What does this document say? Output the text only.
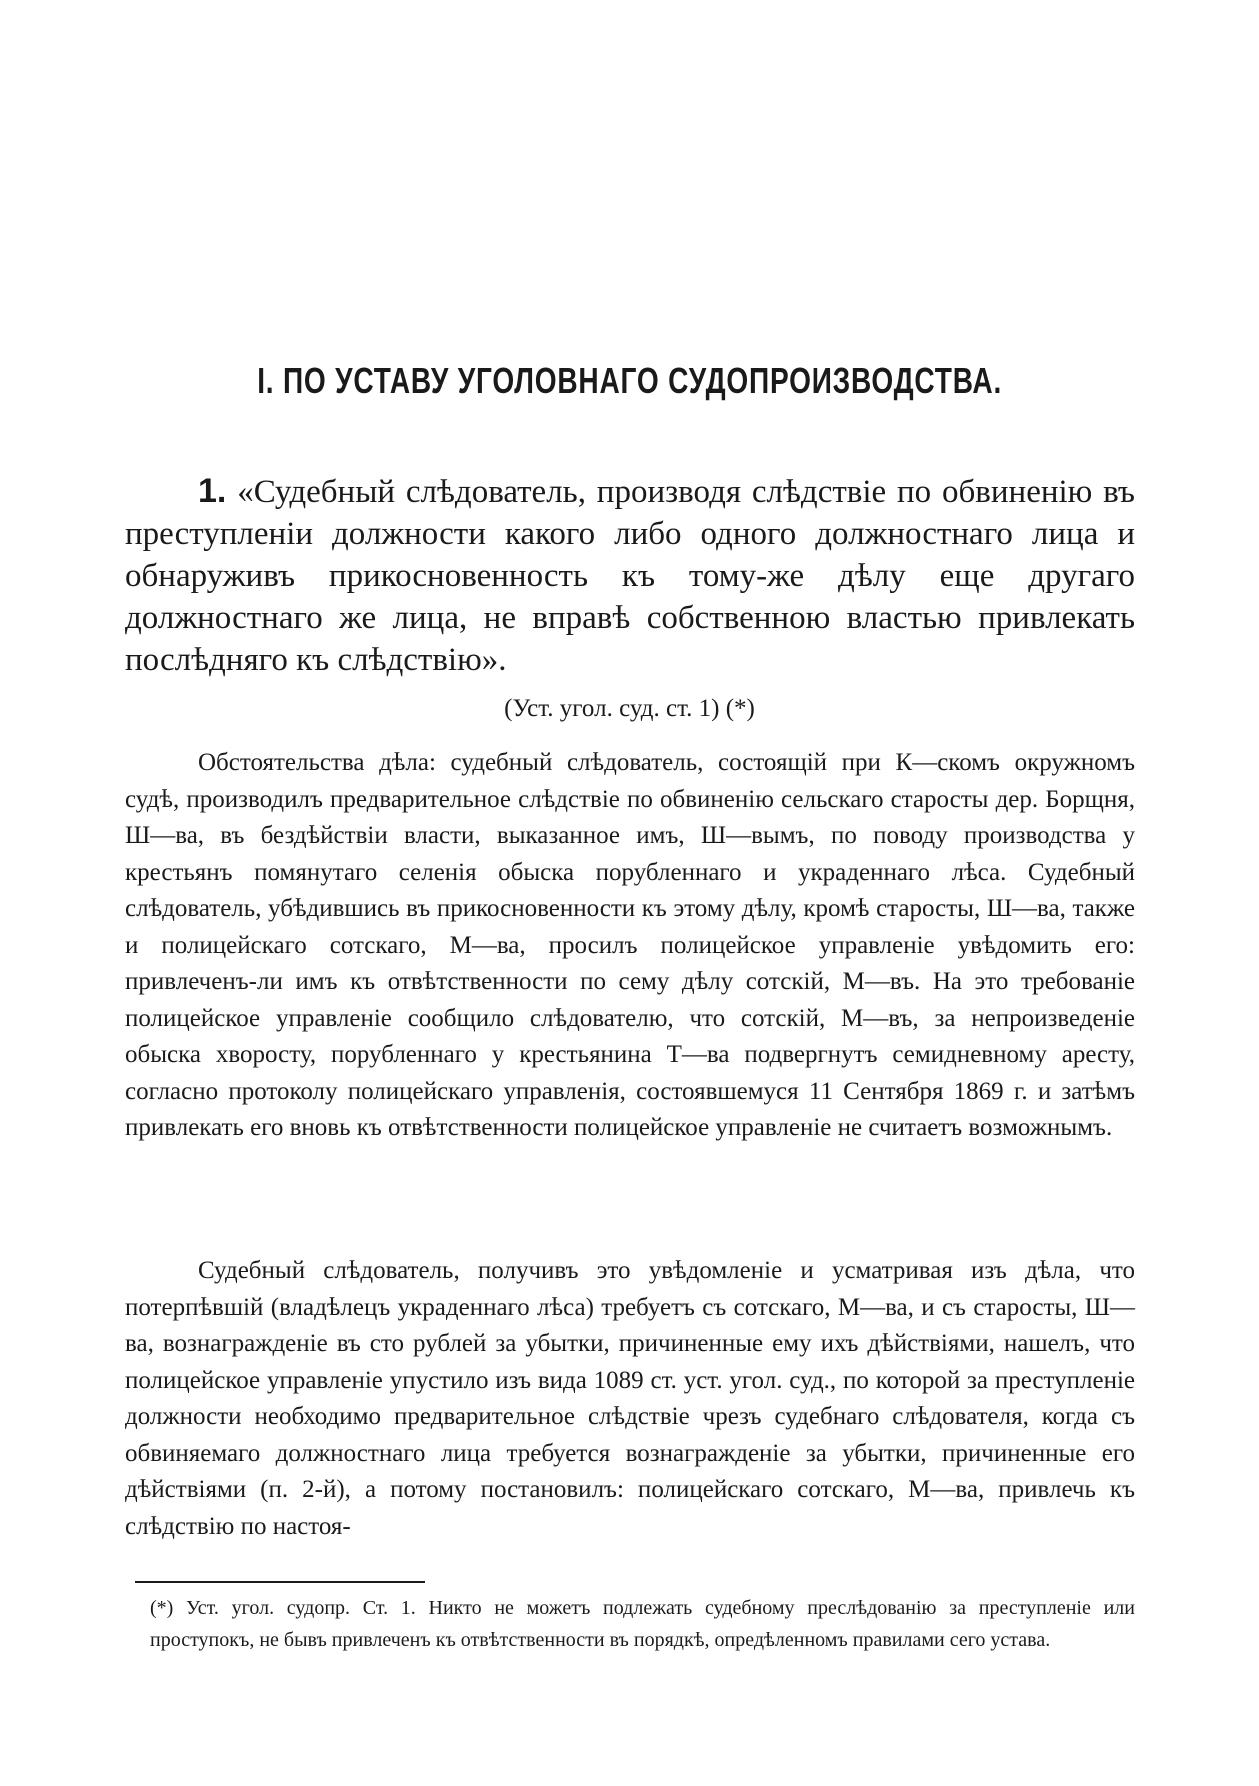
I. ПО УСТАВУ УГОЛОВНАГО СУДОПРОИЗВОДСТВА.

1. «Судебный слѣдователь, производя слѣдствіе по обвиненію въ преступленіи должности какого либо одного должностнаго лица и обнаруживъ прикосновенность къ тому-же дѣлу еще другаго должностнаго же лица, не вправѣ собственною властью привлекать послѣдняго къ слѣдствію».

(Уст. угол. суд. ст. 1) (*)

Обстоятельства дѣла: судебный слѣдователь, состоящій при К—скомъ окружномъ судѣ, производилъ предварительное слѣдствіе по обвиненію сельскаго старосты дер. Борщня, Ш—ва, въ бездѣйствіи власти, выказанное имъ, Ш—вымъ, по поводу производства у крестьянъ помянутаго селенія обыска порубленнаго и украденнаго лѣса. Судебный слѣдователь, убѣдившись въ прикосновенности къ этому дѣлу, кромѣ старосты, Ш—ва, также и полицейскаго сотскаго, М—ва, просилъ полицейское управленіе увѣдомить его: привлеченъ-ли имъ къ отвѣтственности по сему дѣлу сотскій, М—въ. На это требованіе полицейское управленіе сообщило слѣдователю, что сотскій, М—въ, за непроизведеніе обыска хворосту, порубленнаго у крестьянина Т—ва подвергнутъ семидневному аресту, согласно протоколу полицейскаго управленія, состоявшемуся 11 Сентября 1869 г. и затѣмъ привлекать его вновь къ отвѣтственности полицейское управленіе не считаетъ возможнымъ.

Судебный слѣдователь, получивъ это увѣдомленіе и усматривая изъ дѣла, что потерпѣвшій (владѣлецъ украденнаго лѣса) требуетъ съ сотскаго, М—ва, и съ старосты, Ш—ва, вознагражденіе въ сто рублей за убытки, причиненные ему ихъ дѣйствіями, нашелъ, что полицейское управленіе упустило изъ вида 1089 ст. уст. угол. суд., по которой за преступленіе должности необходимо предварительное слѣдствіе чрезъ судебнаго слѣдователя, когда съ обвиняемаго должностнаго лица требуется вознагражденіе за убытки, причиненные его дѣйствіями (п. 2-й), а потому постановилъ: полицейскаго сотскаго, М—ва, привлечь къ слѣдствію по настоя-

(*) Уст. угол. судопр. Ст. 1. Никто не можетъ подлежать судебному преслѣдованію за преступленіе или проступокъ, не бывъ привлеченъ къ отвѣтственности въ порядкѣ, опредѣленномъ правилами сего устава.
